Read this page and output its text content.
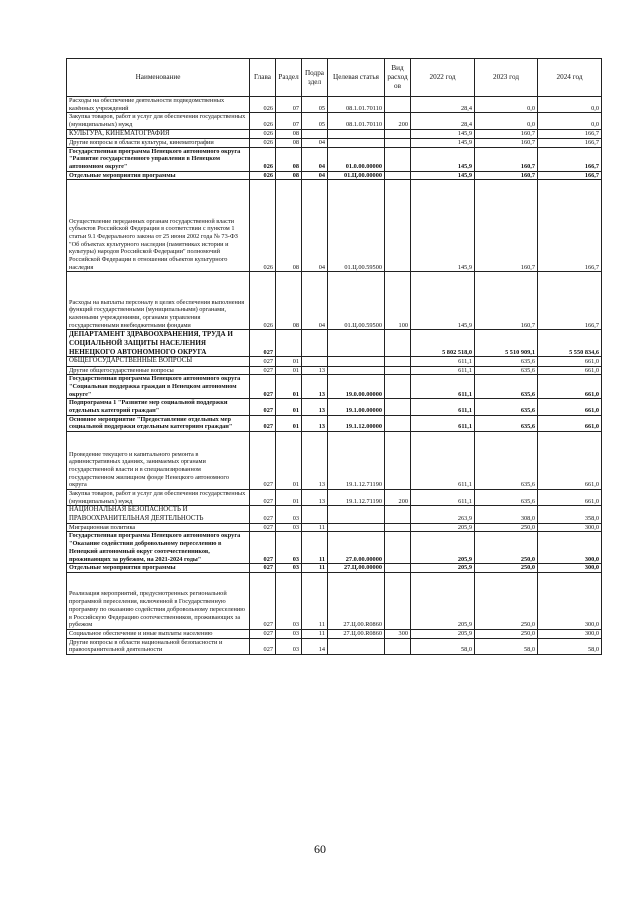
Наименование	Глава	Раздел	Подраздел	Целевая статья	Вид расходов	2022 год	2023 год	2024 год
Расходы на обеспечение деятельности подведомственных казённых учреждений	026	07	05	08.1.01.70110		28,4	0,0	0,0
Закупка товаров, работ и услуг для обеспечения государственных (муниципальных) нужд	026	07	05	08.1.01.70110	200	28,4	0,0	0,0
КУЛЬТУРА, КИНЕМАТОГРАФИЯ	026	08				145,9	160,7	166,7
Другие вопросы в области культуры, кинематографии	026	08	04			145,9	160,7	166,7
Государственная программа Ненецкого автономного округа "Развитие государственного управления в Ненецком автономном округе"	026	08	04	01.0.00.00000		145,9	160,7	166,7
Отдельные мероприятия программы	026	08	04	01.Ц.00.00000		145,9	160,7	166,7
Осуществление переданных органам государственной власти субъектов Российской Федерации в соответствии с пунктом 1 статьи 9.1 Федерального закона от 25 июня 2002 года № 73-ФЗ "Об объектах культурного наследия (памятниках истории и культуры) народов Российской Федерации" полномочий Российской Федерации в отношении объектов культурного наследия	026	08	04	01.Ц.00.59500		145,9	160,7	166,7
Расходы на выплаты персоналу в целях обеспечения выполнения функций государственными (муниципальными) органами, казенными учреждениями, органами управления государственными внебюджетными фондами	026	08	04	01.Ц.00.59500	100	145,9	160,7	166,7
ДЕПАРТАМЕНТ ЗДРАВООХРАНЕНИЯ, ТРУДА И СОЦИАЛЬНОЙ ЗАЩИТЫ НАСЕЛЕНИЯ НЕНЕЦКОГО АВТОНОМНОГО ОКРУГА	027					5 802 518,0	5 510 909,1	5 550 834,6
ОБЩЕГОСУДАРСТВЕННЫЕ ВОПРОСЫ	027	01				611,1	635,6	661,0
Другие общегосударственные вопросы	027	01	13			611,1	635,6	661,0
Государственная программа Ненецкого автономного округа "Социальная поддержка граждан в Ненецком автономном округе"	027	01	13	19.0.00.00000		611,1	635,6	661,0
Подпрограмма 1 "Развитие мер социальной поддержки отдельных категорий граждан"	027	01	13	19.1.00.00000		611,1	635,6	661,0
Основное мероприятие "Предоставление отдельных мер социальной поддержки отдельным категориям граждан"	027	01	13	19.1.12.00000		611,1	635,6	661,0
Проведение текущего и капитального ремонта в административных зданиях, занимаемых органами государственной власти и в специализированном государственном жилищном фонде Ненецкого автономного округа	027	01	13	19.1.12.71190		611,1	635,6	661,0
Закупка товаров, работ и услуг для обеспечения государственных (муниципальных) нужд	027	01	13	19.1.12.71190	200	611,1	635,6	661,0
НАЦИОНАЛЬНАЯ БЕЗОПАСНОСТЬ И ПРАВООХРАНИТЕЛЬНАЯ ДЕЯТЕЛЬНОСТЬ	027	03				263,9	308,0	358,0
Миграционная политика	027	03	11			205,9	250,0	300,0
Государственная программа Ненецкого автономного округа "Оказание содействия добровольному переселению в Ненецкий автономный округ соотечественников, проживающих за рубежом, на 2021-2024 годы"	027	03	11	27.0.00.00000		205,9	250,0	300,0
Отдельные мероприятия программы	027	03	11	27.Ц.00.00000		205,9	250,0	300,0
Реализация мероприятий, предусмотренных региональной программой переселения, включенной в Государственную программу по оказанию содействия добровольному переселению в Российскую Федерацию соотечественников, проживающих за рубежом	027	03	11	27.Ц.00.R0860		205,9	250,0	300,0
Социальное обеспечение и иные выплаты населению	027	03	11	27.Ц.00.R0860	300	205,9	250,0	300,0
Другие вопросы в области национальной безопасности и правоохранительной деятельности	027	03	14			58,0	58,0	58,0
60
